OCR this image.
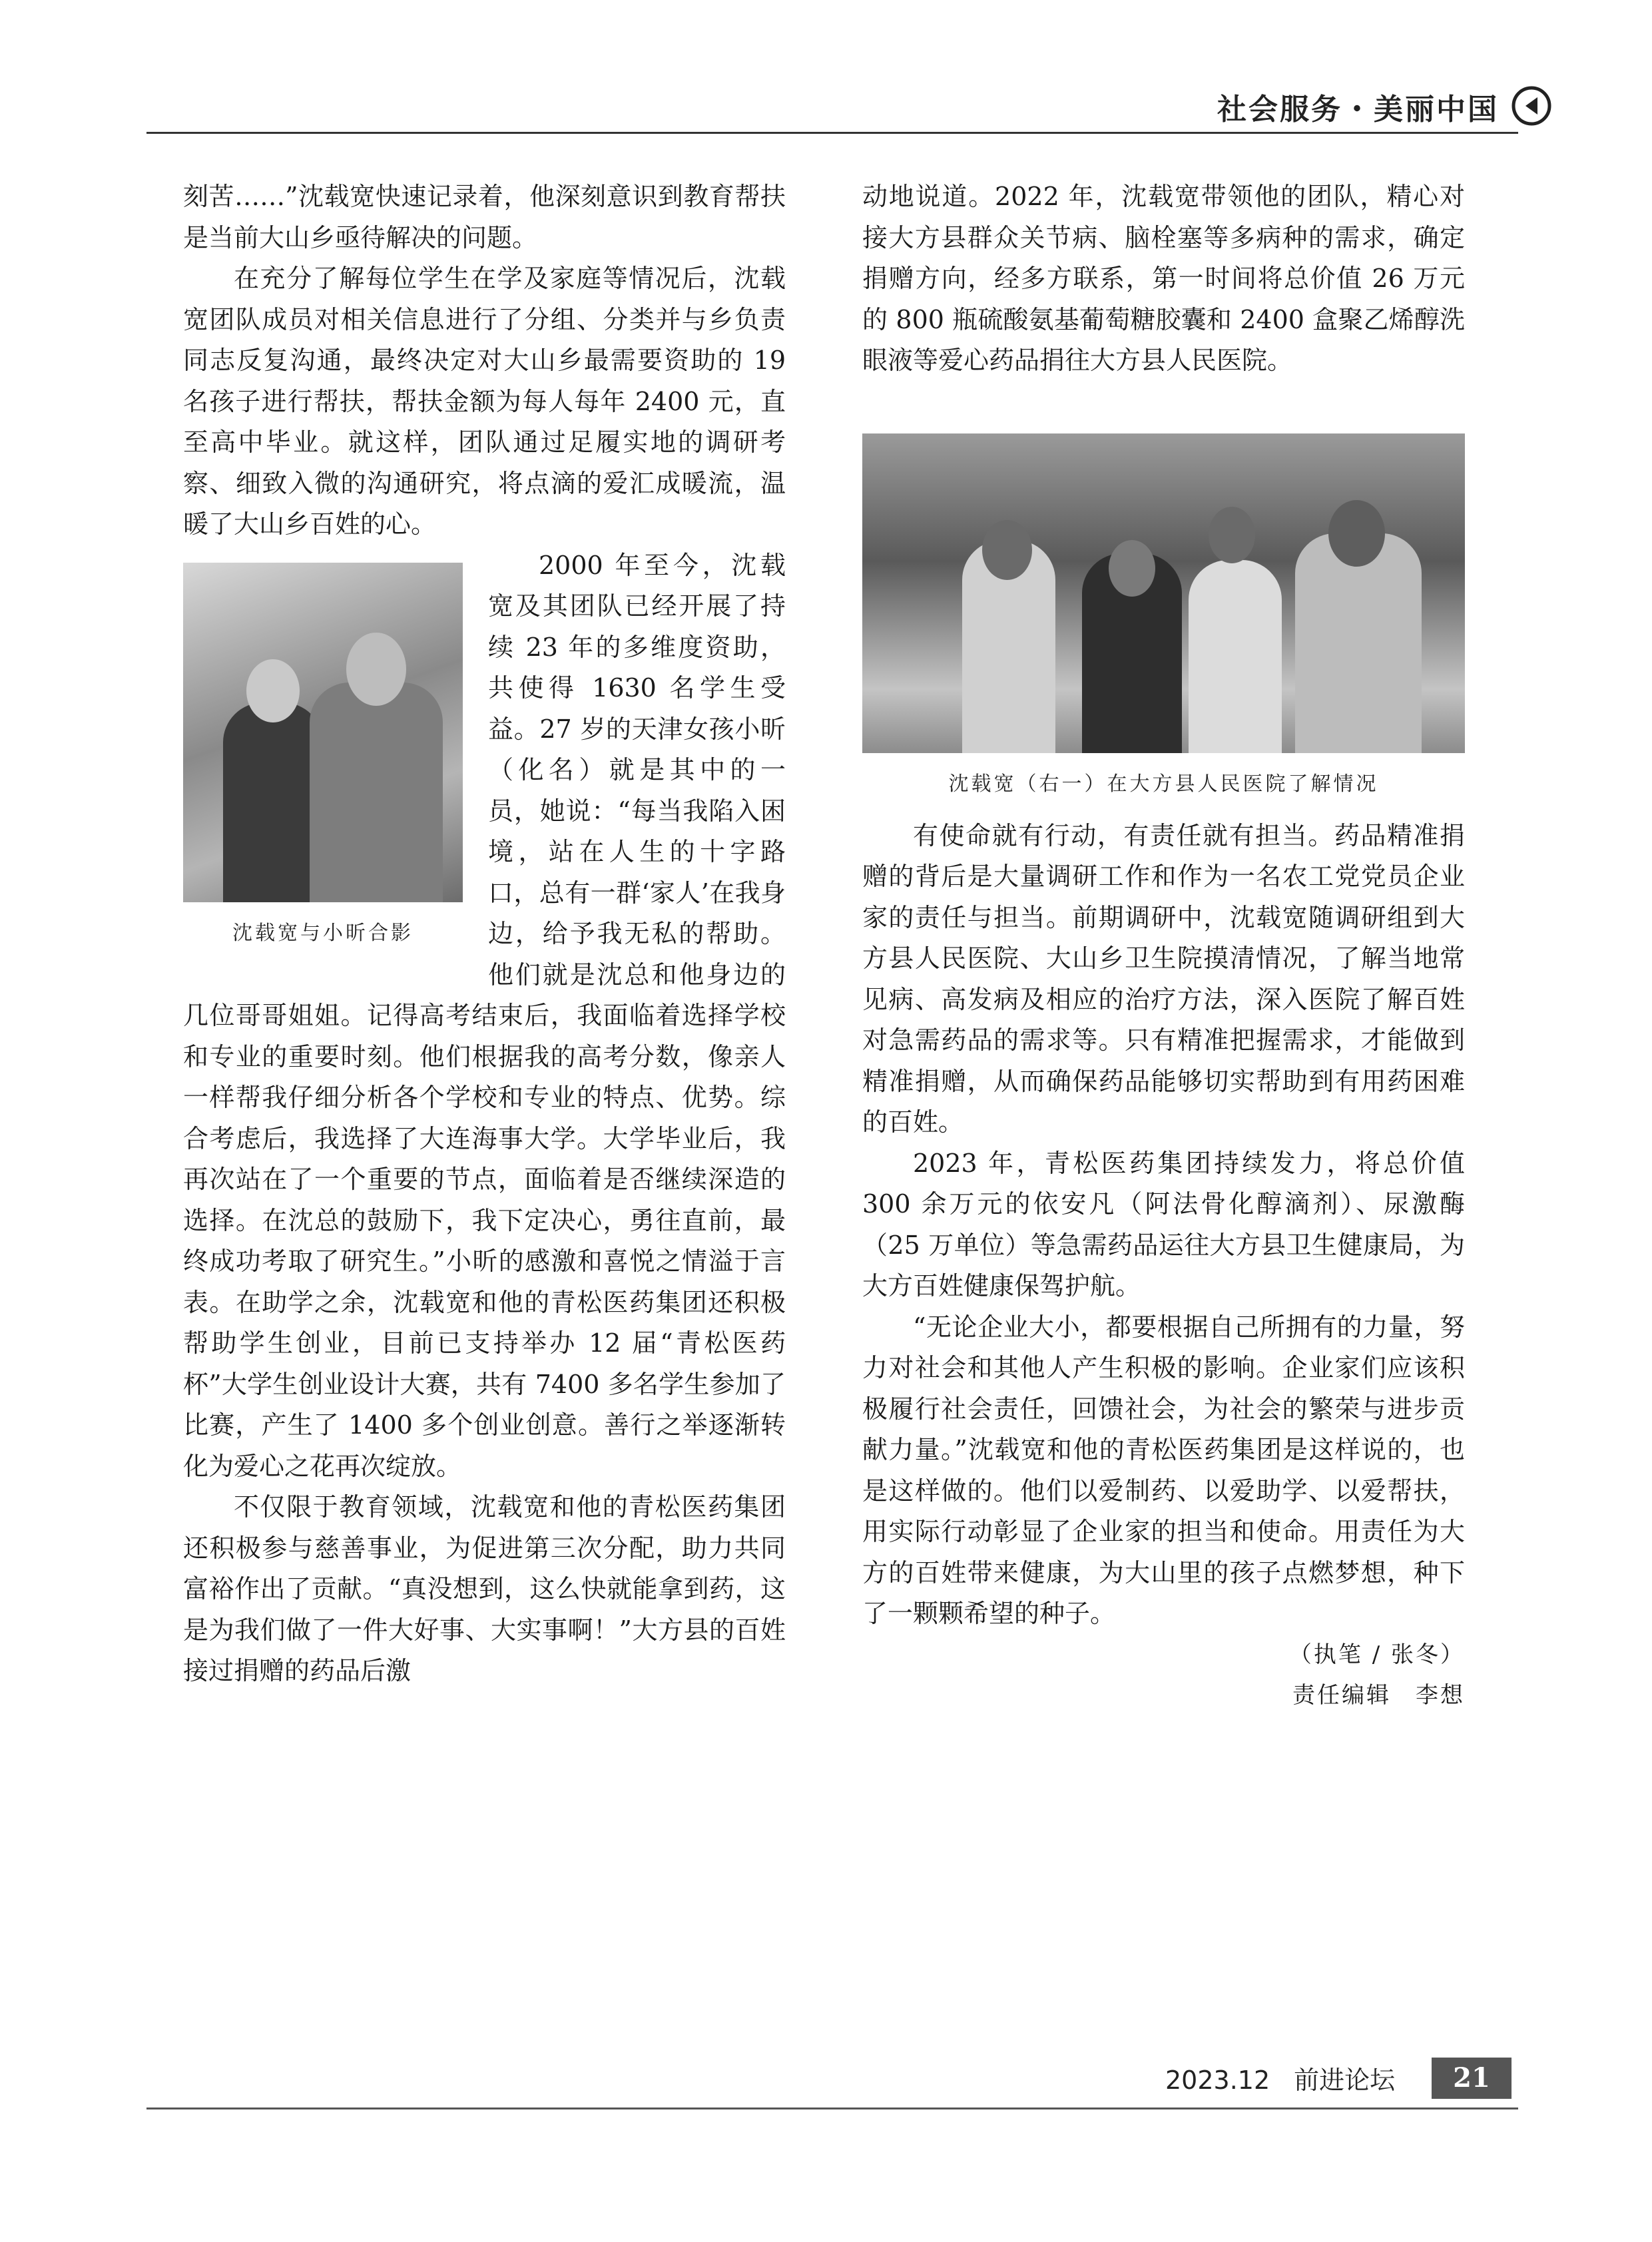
社会服务・美丽中国

刻苦……”沈载宽快速记录着，他深刻意识到教育帮扶是当前大山乡亟待解决的问题。

在充分了解每位学生在学及家庭等情况后，沈载宽团队成员对相关信息进行了分组、分类并与乡负责同志反复沟通，最终决定对大山乡最需要资助的 19 名孩子进行帮扶，帮扶金额为每人每年 2400 元，直至高中毕业。就这样，团队通过足履实地的调研考察、细致入微的沟通研究，将点滴的爱汇成暖流，温暖了大山乡百姓的心。

沈载宽与小昕合影

2000 年至今，沈载宽及其团队已经开展了持续 23 年的多维度资助，共使得 1630 名学生受益。27 岁的天津女孩小昕（化名）就是其中的一员，她说：“每当我陷入困境，站在人生的十字路口，总有一群‘家人’在我身边，给予我无私的帮助。他们就是沈总和他身边的几位哥哥姐姐。记得高考结束后，我面临着选择学校和专业的重要时刻。他们根据我的高考分数，像亲人一样帮我仔细分析各个学校和专业的特点、优势。综合考虑后，我选择了大连海事大学。大学毕业后，我再次站在了一个重要的节点，面临着是否继续深造的选择。在沈总的鼓励下，我下定决心，勇往直前，最终成功考取了研究生。”小昕的感激和喜悦之情溢于言表。在助学之余，沈载宽和他的青松医药集团还积极帮助学生创业，目前已支持举办 12 届“青松医药杯”大学生创业设计大赛，共有 7400 多名学生参加了比赛，产生了 1400 多个创业创意。善行之举逐渐转化为爱心之花再次绽放。

不仅限于教育领域，沈载宽和他的青松医药集团还积极参与慈善事业，为促进第三次分配，助力共同富裕作出了贡献。“真没想到，这么快就能拿到药，这是为我们做了一件大好事、大实事啊！”大方县的百姓接过捐赠的药品后激

动地说道。2022 年，沈载宽带领他的团队，精心对接大方县群众关节病、脑栓塞等多病种的需求，确定捐赠方向，经多方联系，第一时间将总价值 26 万元的 800 瓶硫酸氨基葡萄糖胶囊和 2400 盒聚乙烯醇洗眼液等爱心药品捐往大方县人民医院。

沈载宽（右一）在大方县人民医院了解情况

有使命就有行动，有责任就有担当。药品精准捐赠的背后是大量调研工作和作为一名农工党党员企业家的责任与担当。前期调研中，沈载宽随调研组到大方县人民医院、大山乡卫生院摸清情况，了解当地常见病、高发病及相应的治疗方法，深入医院了解百姓对急需药品的需求等。只有精准把握需求，才能做到精准捐赠，从而确保药品能够切实帮助到有用药困难的百姓。

2023 年，青松医药集团持续发力，将总价值 300 余万元的依安凡（阿法骨化醇滴剂）、尿激酶（25 万单位）等急需药品运往大方县卫生健康局，为大方百姓健康保驾护航。

“无论企业大小，都要根据自己所拥有的力量，努力对社会和其他人产生积极的影响。企业家们应该积极履行社会责任，回馈社会，为社会的繁荣与进步贡献力量。”沈载宽和他的青松医药集团是这样说的，也是这样做的。他们以爱制药、以爱助学、以爱帮扶，用实际行动彰显了企业家的担当和使命。用责任为大方的百姓带来健康，为大山里的孩子点燃梦想，种下了一颗颗希望的种子。

（执笔 / 张冬）
责任编辑　李想
2023.12 前进论坛	21
